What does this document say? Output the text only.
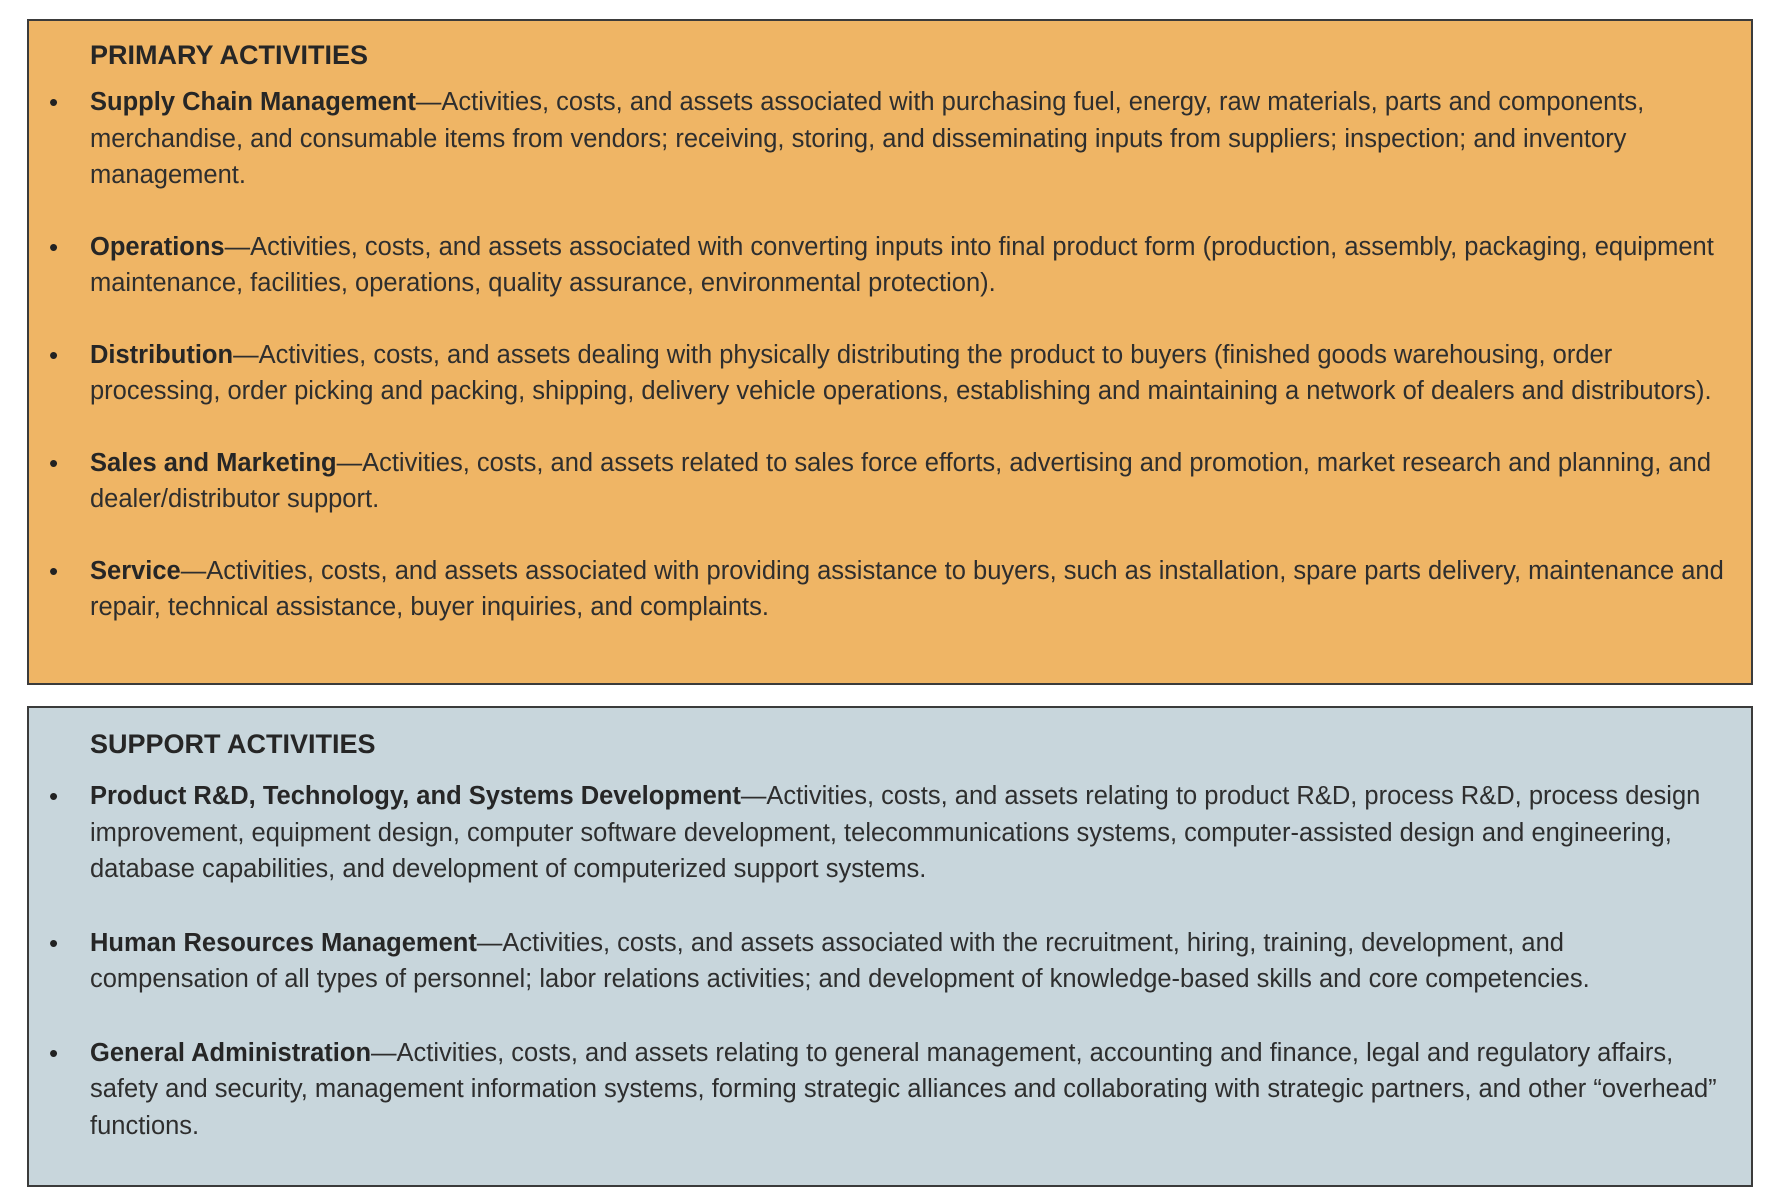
PRIMARY ACTIVITIES
• Supply Chain Management—Activities, costs, and assets associated with purchasing fuel, energy, raw materials, parts and components, merchandise, and consumable items from vendors; receiving, storing, and disseminating inputs from suppliers; inspection; and inventory management.
• Operations—Activities, costs, and assets associated with converting inputs into final product form (production, assembly, packaging, equipment maintenance, facilities, operations, quality assurance, environmental protection).
• Distribution—Activities, costs, and assets dealing with physically distributing the product to buyers (finished goods warehousing, order processing, order picking and packing, shipping, delivery vehicle operations, establishing and maintaining a network of dealers and distributors).
• Sales and Marketing—Activities, costs, and assets related to sales force efforts, advertising and promotion, market research and planning, and dealer/distributor support.
• Service—Activities, costs, and assets associated with providing assistance to buyers, such as installation, spare parts delivery, maintenance and repair, technical assistance, buyer inquiries, and complaints.
SUPPORT ACTIVITIES
• Product R&D, Technology, and Systems Development—Activities, costs, and assets relating to product R&D, process R&D, process design improvement, equipment design, computer software development, telecommunications systems, computer-assisted design and engineering, database capabilities, and development of computerized support systems.
• Human Resources Management—Activities, costs, and assets associated with the recruitment, hiring, training, development, and compensation of all types of personnel; labor relations activities; and development of knowledge-based skills and core competencies.
• General Administration—Activities, costs, and assets relating to general management, accounting and finance, legal and regulatory affairs, safety and security, management information systems, forming strategic alliances and collaborating with strategic partners, and other “overhead” functions.
